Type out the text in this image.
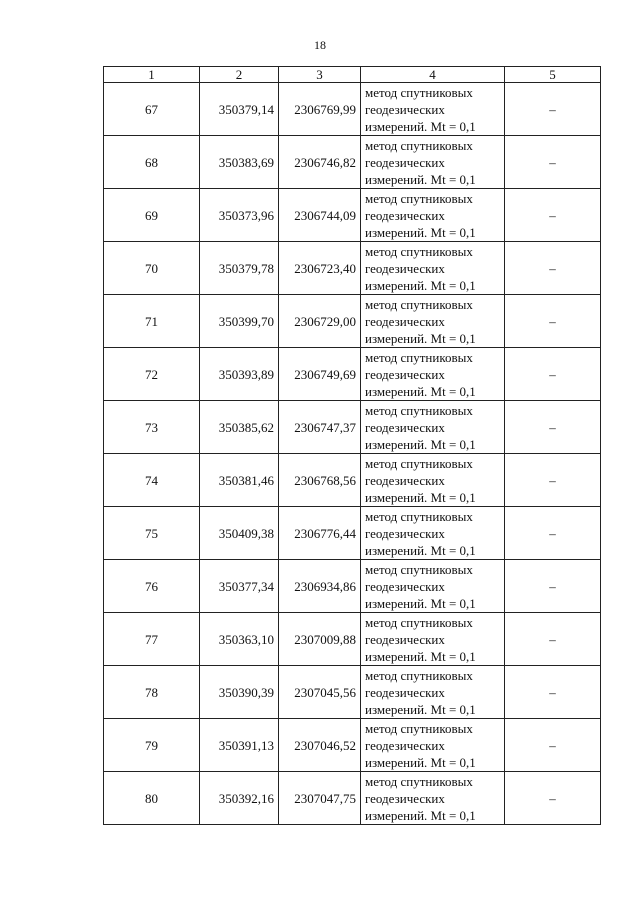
18
1	2	3	4	5
67	350379,14	2306769,99	метод спутниковых
геодезических
измерений. Mt = 0,1	–
68	350383,69	2306746,82	метод спутниковых
геодезических
измерений. Mt = 0,1	–
69	350373,96	2306744,09	метод спутниковых
геодезических
измерений. Mt = 0,1	–
70	350379,78	2306723,40	метод спутниковых
геодезических
измерений. Mt = 0,1	–
71	350399,70	2306729,00	метод спутниковых
геодезических
измерений. Mt = 0,1	–
72	350393,89	2306749,69	метод спутниковых
геодезических
измерений. Mt = 0,1	–
73	350385,62	2306747,37	метод спутниковых
геодезических
измерений. Mt = 0,1	–
74	350381,46	2306768,56	метод спутниковых
геодезических
измерений. Mt = 0,1	–
75	350409,38	2306776,44	метод спутниковых
геодезических
измерений. Mt = 0,1	–
76	350377,34	2306934,86	метод спутниковых
геодезических
измерений. Mt = 0,1	–
77	350363,10	2307009,88	метод спутниковых
геодезических
измерений. Mt = 0,1	–
78	350390,39	2307045,56	метод спутниковых
геодезических
измерений. Mt = 0,1	–
79	350391,13	2307046,52	метод спутниковых
геодезических
измерений. Mt = 0,1	–
80	350392,16	2307047,75	метод спутниковых
геодезических
измерений. Mt = 0,1	–
